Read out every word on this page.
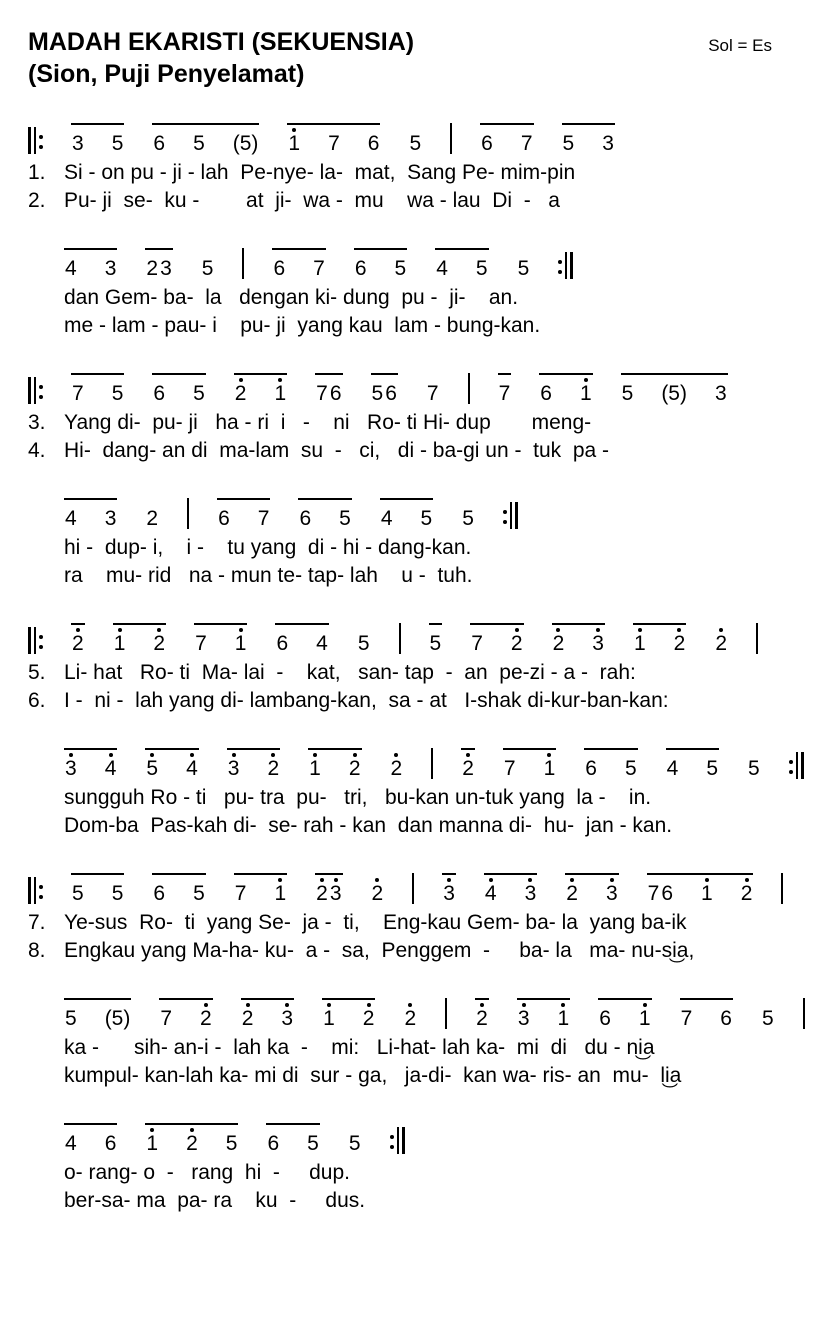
MADAH EKARISTI (SEKUENSIA)
(Sion, Puji Penyelamat)
Sol = Es
3 5 6 5 (5) 1 7 6 5	6 7 5 3
1. Si - on pu - ji - lah  Pe-nye- la-  mat,  Sang Pe- mim-pin
2. Pu- ji  se-  ku -        at  ji-  wa -  mu    wa - lau  Di  -   a
4 3 2 3 5	6 7 6 5 4 5 5
dan Gem- ba-  la   dengan ki- dung  pu -  ji-    an.
me - lam - pau- i    pu- ji  yang kau  lam - bung-kan.
7 5 6 5 2 1 7 6 5 6 7	7 6 1 5 (5) 3
3. Yang di-  pu- ji   ha - ri  i   -    ni   Ro- ti Hi- dup       meng-
4. Hi-  dang- an di  ma-lam  su  -   ci,   di - ba-gi un -  tuk  pa -
4 3 2	6 7 6 5 4 5 5
hi -  dup- i,    i -    tu yang  di - hi - dang-kan.
ra    mu- rid   na - mun te- tap- lah    u -  tuh.
2 1 2 7 1 6 4 5	5 7 2 2 3 1 2 2
5. Li- hat   Ro- ti  Ma- lai  -    kat,   san- tap  -  an  pe-zi - a -  rah:
6. I -  ni -  lah yang di- lambang-kan,  sa - at   I-shak di-kur-ban-kan:
3 4 5 4 3 2 1 2 2	2 7 1 6 5 4 5 5
sungguh Ro - ti   pu- tra  pu-   tri,   bu-kan un-tuk yang  la -    in.
Dom-ba  Pas-kah di-  se- rah - kan  dan manna di-  hu-  jan - kan.
5 5 6 5 7 1 2 3 2	3 4 3 2 3 7 6 1 2
7. Ye-sus  Ro-  ti  yang Se-  ja -  ti,    Eng-kau Gem- ba- la  yang ba-ik
8. Engkau yang Ma-ha- ku-  a -  sa,  Penggem  -     ba- la   ma- nu-si͜a,
5 (5) 7 2 2 3 1 2 2	2 3 1 6 1 7 6 5
ka -      sih- an-i -  lah ka  -    mi:   Li-hat- lah ka-  mi  di   du - ni͜a
kumpul- kan-lah ka- mi di  sur - ga,   ja-di-  kan wa- ris- an  mu-  li͜a
4 6 1 2 5 6 5 5
o- rang- o  -   rang  hi  -     dup.
ber-sa- ma  pa- ra    ku  -     dus.
